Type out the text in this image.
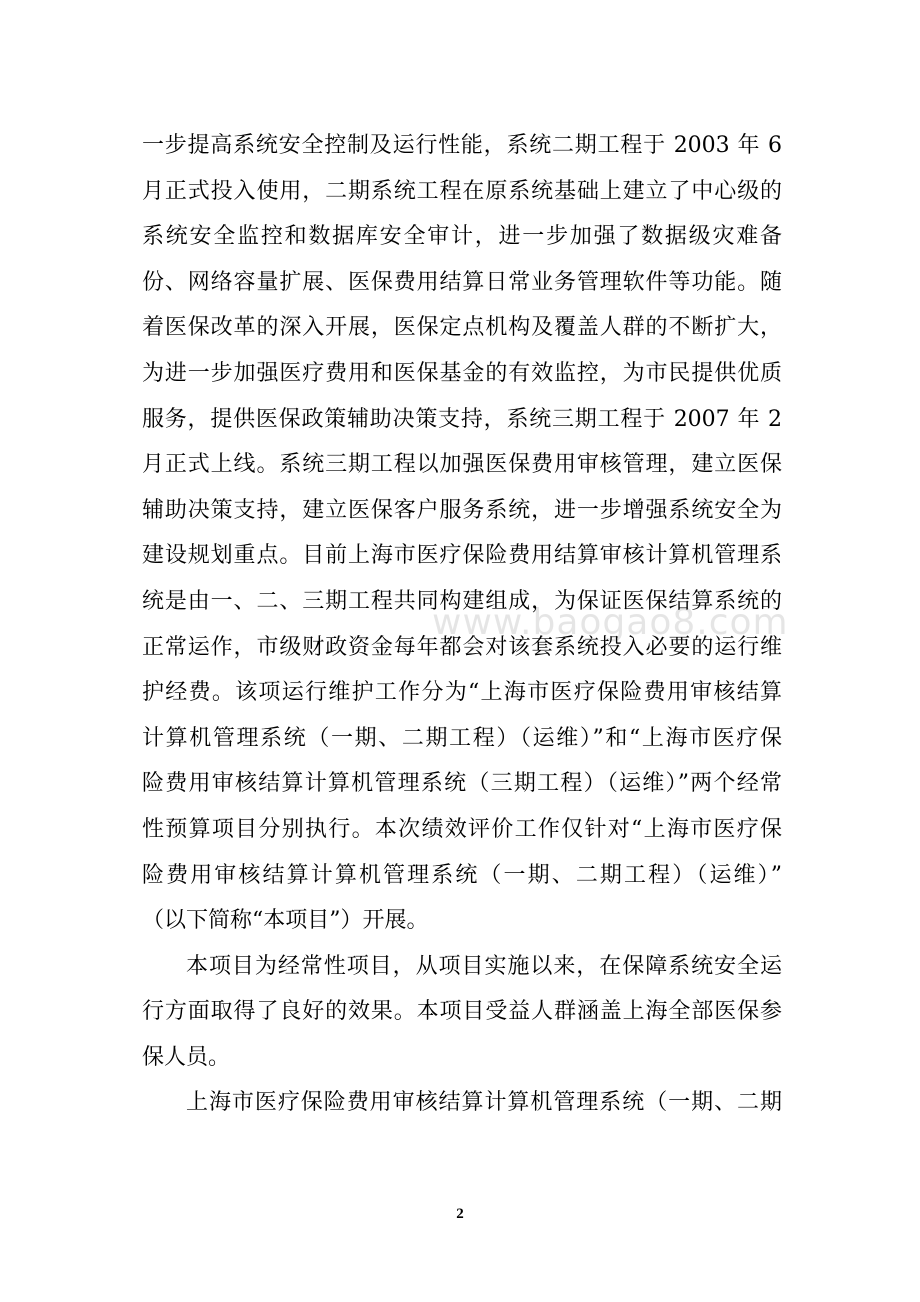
一步提高系统安全控制及运行性能，系统二期工程于 2003 年 6
月正式投入使用，二期系统工程在原系统基础上建立了中心级的
系统安全监控和数据库安全审计，进一步加强了数据级灾难备
份、网络容量扩展、医保费用结算日常业务管理软件等功能。随
着医保改革的深入开展，医保定点机构及覆盖人群的不断扩大，
为进一步加强医疗费用和医保基金的有效监控，为市民提供优质
服务，提供医保政策辅助决策支持，系统三期工程于 2007 年 2
月正式上线。系统三期工程以加强医保费用审核管理，建立医保
辅助决策支持，建立医保客户服务系统，进一步增强系统安全为
建设规划重点。目前上海市医疗保险费用结算审核计算机管理系
统是由一、二、三期工程共同构建组成，为保证医保结算系统的
正常运作，市级财政资金每年都会对该套系统投入必要的运行维
护经费。该项运行维护工作分为“上海市医疗保险费用审核结算
计算机管理系统（一期、二期工程）（运维）”和“上海市医疗保
险费用审核结算计算机管理系统（三期工程）（运维）”两个经常
性预算项目分别执行。本次绩效评价工作仅针对“上海市医疗保
险费用审核结算计算机管理系统（一期、二期工程）（运维）”
（以下简称“本项目”）开展。
本项目为经常性项目，从项目实施以来，在保障系统安全运
行方面取得了良好的效果。本项目受益人群涵盖上海全部医保参
保人员。
上海市医疗保险费用审核结算计算机管理系统（一期、二期
www.baogao8.com
2
